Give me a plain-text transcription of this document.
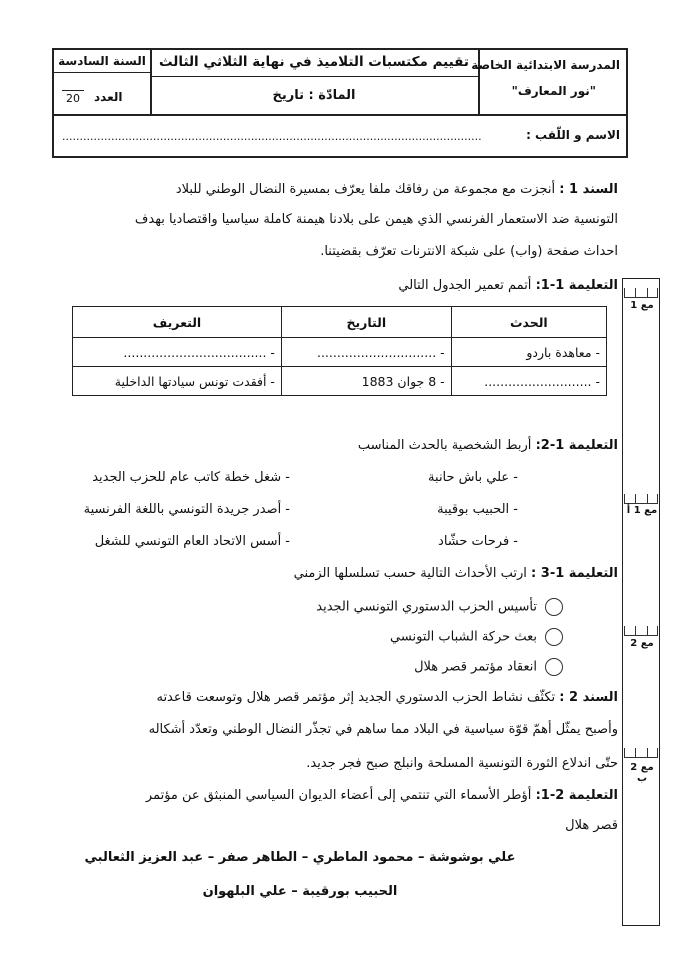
المدرسة الابتدائية الخاصة
"نور المعارف"
تقييم مكتسبات التلاميذ في نهاية الثلاثي الثالث
المادّة : تاريخ
السنة السادسة
العدد
20
الاسم و اللّقب :
........................................................................................................................
مع 1
مع 1 أ
مع 2
مع 2 ب
السند 1 : أنجزت مع مجموعة من رفاقك ملفا يعرّف بمسيرة النضال الوطني للبلاد
التونسية ضد الاستعمار الفرنسي الذي هيمن على بلادنا هيمنة كاملة سياسيا واقتصاديا بهدف
احداث صفحة (واب) على شبكة الانترنات تعرّف بقضيتنا.
التعليمة 1-1: أتمم تعمير الجدول التالي
الحدث	التاريخ	التعريف
- معاهدة باردو	- ..............................	- ....................................
- ...........................	- 8 جوان 1883	- أفقدت تونس سيادتها الداخلية
التعليمة 1-2: أربط الشخصية بالحدث المناسب
- علي باش حانبة
- الحبيب بوقيبة
- فرحات حشّاد
- شغل خطة كاتب عام للحزب الجديد
- أصدر جريدة التونسي باللغة الفرنسية
- أسس الاتحاد العام التونسي للشغل
التعليمة 1-3 : ارتب الأحداث التالية حسب تسلسلها الزمني
تأسيس الحزب الدستوري التونسي الجديد
بعث حركة الشباب التونسي
انعقاد مؤتمر قصر هلال
السند 2 : تكثّف نشاط الحزب الدستوري الجديد إثر مؤتمر قصر هلال وتوسعت قاعدته
وأصبح يمثّل أهمّ قوّة سياسية في البلاد مما ساهم في تجذّر النضال الوطني وتعدّد أشكاله
حتّى اندلاع الثورة التونسية المسلحة وانبلج صبح فجر جديد.
التعليمة 2-1: أؤطر الأسماء التي تنتمي إلى أعضاء الديوان السياسي المنبثق عن مؤتمر
قصر هلال
علي بوشوشة – محمود الماطري – الطاهر صفر – عبد العزيز الثعالبي
الحبيب بورقيبة – علي البلهوان
